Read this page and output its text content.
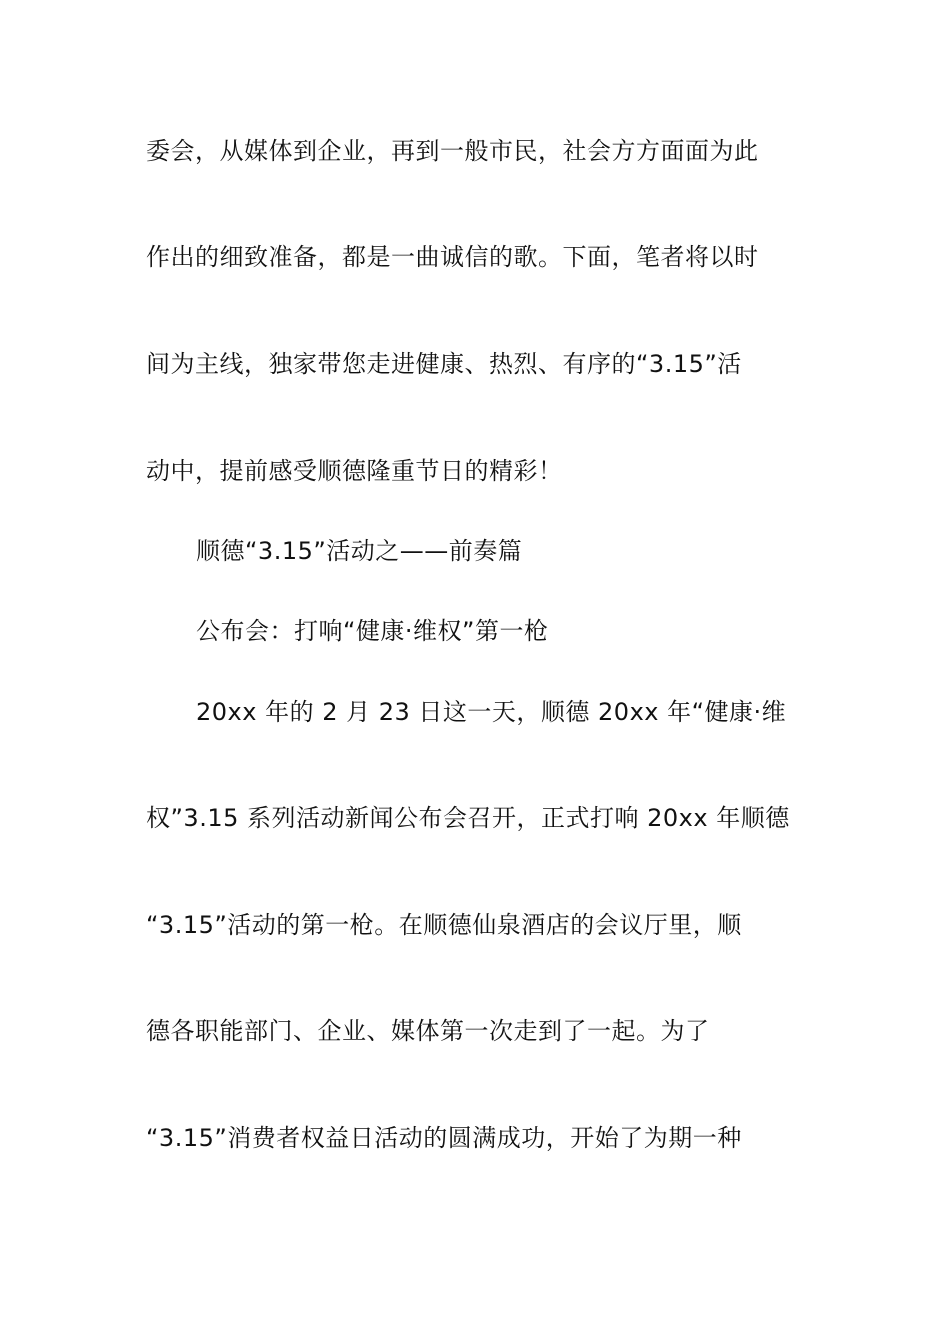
委会，从媒体到企业，再到一般市民，社会方方面面为此
作出的细致准备，都是一曲诚信的歌。下面，笔者将以时
间为主线，独家带您走进健康、热烈、有序的“3.15”活
动中，提前感受顺德隆重节日的精彩！
顺德“3.15”活动之——前奏篇
公布会：打响“健康·维权”第一枪
20xx 年的 2 月 23 日这一天，顺德 20xx 年“健康·维
权”3.15 系列活动新闻公布会召开，正式打响 20xx 年顺德
“3.15”活动的第一枪。在顺德仙泉酒店的会议厅里，顺
德各职能部门、企业、媒体第一次走到了一起。为了
“3.15”消费者权益日活动的圆满成功，开始了为期一种
